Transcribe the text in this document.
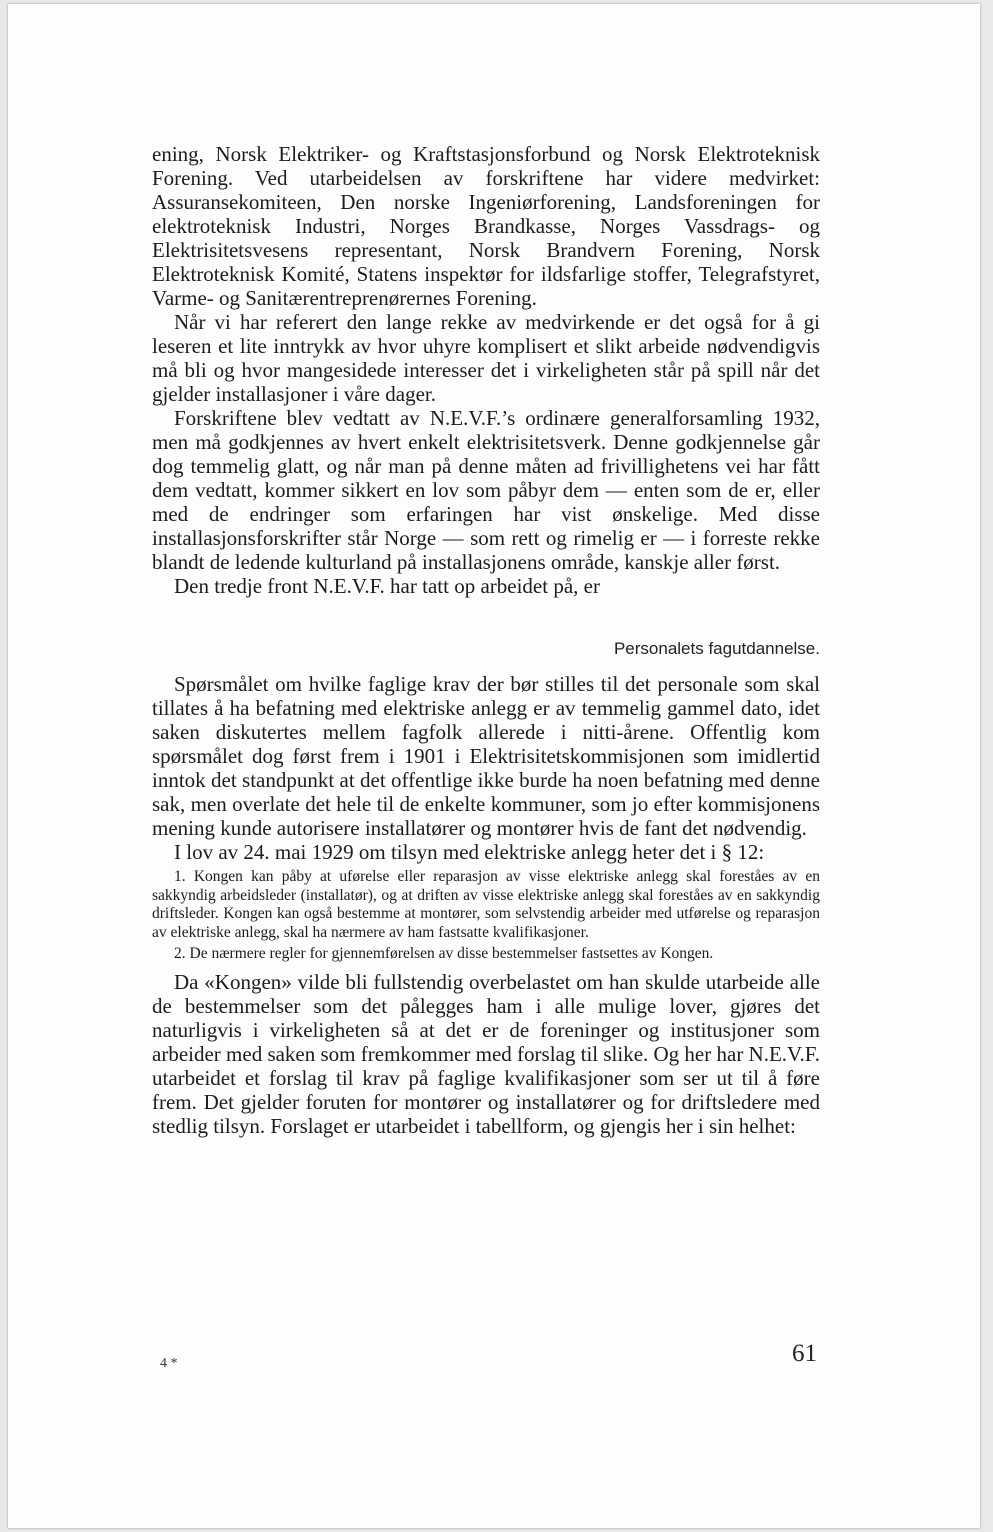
ening, Norsk Elektriker- og Kraftstasjonsforbund og Norsk Elektroteknisk Forening. Ved utarbeidelsen av forskriftene har videre medvirket: Assuransekomiteen, Den norske Ingeniørforening, Landsforeningen for elektroteknisk Industri, Norges Brandkasse, Norges Vassdrags- og Elektrisitetsvesens representant, Norsk Brandvern Forening, Norsk Elektroteknisk Komité, Statens inspektør for ildsfarlige stoffer, Telegrafstyret, Varme- og Sanitærentreprenørernes Forening.

Når vi har referert den lange rekke av medvirkende er det også for å gi leseren et lite inntrykk av hvor uhyre komplisert et slikt arbeide nødvendigvis må bli og hvor mangesidede interesser det i virkeligheten står på spill når det gjelder installasjoner i våre dager.

Forskriftene blev vedtatt av N.E.V.F.’s ordinære generalforsamling 1932, men må godkjennes av hvert enkelt elektrisitetsverk. Denne godkjennelse går dog temmelig glatt, og når man på denne måten ad frivillighetens vei har fått dem vedtatt, kommer sikkert en lov som påbyr dem — enten som de er, eller med de endringer som erfaringen har vist ønskelige. Med disse installasjonsforskrifter står Norge — som rett og rimelig er — i forreste rekke blandt de ledende kulturland på installasjonens område, kanskje aller først.

Den tredje front N.E.V.F. har tatt op arbeidet på, er

Personalets fagutdannelse.

Spørsmålet om hvilke faglige krav der bør stilles til det personale som skal tillates å ha befatning med elektriske anlegg er av temmelig gammel dato, idet saken diskutertes mellem fagfolk allerede i nitti-årene. Offentlig kom spørsmålet dog først frem i 1901 i Elektrisitetskommisjonen som imidlertid inntok det standpunkt at det offentlige ikke burde ha noen befatning med denne sak, men overlate det hele til de enkelte kommuner, som jo efter kommisjonens mening kunde autorisere installatører og montører hvis de fant det nødvendig.

I lov av 24. mai 1929 om tilsyn med elektriske anlegg heter det i § 12:

1. Kongen kan påby at uførelse eller reparasjon av visse elektriske anlegg skal foreståes av en sakkyndig arbeidsleder (installatør), og at driften av visse elektriske anlegg skal foreståes av en sakkyndig driftsleder. Kongen kan også bestemme at montører, som selvstendig arbeider med utførelse og reparasjon av elektriske anlegg, skal ha nærmere av ham fastsatte kvalifikasjoner.

2. De nærmere regler for gjennemførelsen av disse bestemmelser fastsettes av Kongen.

Da «Kongen» vilde bli fullstendig overbelastet om han skulde utarbeide alle de bestemmelser som det pålegges ham i alle mulige lover, gjøres det naturligvis i virkeligheten så at det er de foreninger og institusjoner som arbeider med saken som fremkommer med forslag til slike. Og her har N.E.V.F. utarbeidet et forslag til krav på faglige kvalifikasjoner som ser ut til å føre frem. Det gjelder foruten for montører og installatører og for driftsledere med stedlig tilsyn. Forslaget er utarbeidet i tabellform, og gjengis her i sin helhet:

4 *	61
